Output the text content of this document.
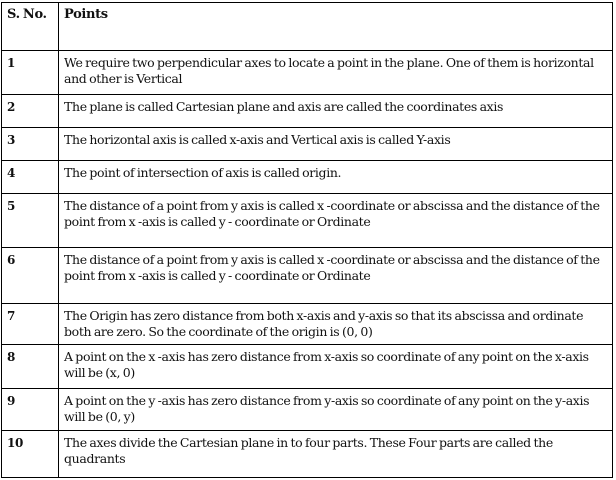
S. No.	Points
1	We require two perpendicular axes to locate a point in the plane. One of them is horizontal and other is Vertical
2	The plane is called Cartesian plane and axis are called the coordinates axis
3	The horizontal axis is called x-axis and Vertical axis is called Y-axis
4	The point of intersection of axis is called origin.
5	The distance of a point from y axis is called x -coordinate or abscissa and the distance of the point from x -axis is called y - coordinate or Ordinate
6	The distance of a point from y axis is called x -coordinate or abscissa and the distance of the point from x -axis is called y - coordinate or Ordinate
7	The Origin has zero distance from both x-axis and y-axis so that its abscissa and ordinate both are zero. So the coordinate of the origin is (0, 0)
8	A point on the x -axis has zero distance from x-axis so coordinate of any point on the x-axis will be (x, 0)
9	A point on the y -axis has zero distance from y-axis so coordinate of any point on the y-axis will be (0, y)
10	The axes divide the Cartesian plane in to four parts. These Four parts are called the quadrants
